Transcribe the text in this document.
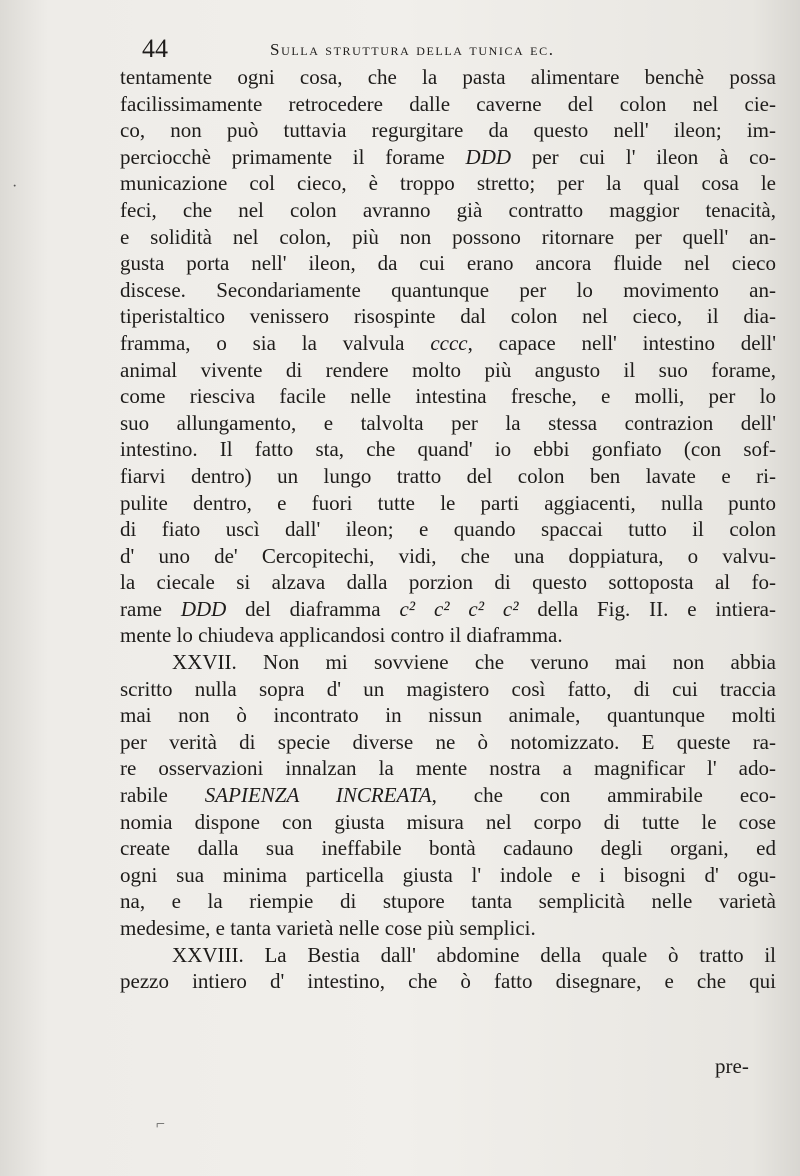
44	sulla struttura della tunica ec.
tentamente ogni cosa, che la pasta alimentare benchè possa
facilissimamente retrocedere dalle caverne del colon nel cie-
co, non può tuttavia regurgitare da questo nell' ileon; im-
perciocchè primamente il forame DDD per cui l' ileon à co-
municazione col cieco, è troppo stretto; per la qual cosa le
feci, che nel colon avranno già contratto maggior tenacità,
e solidità nel colon, più non possono ritornare per quell' an-
gusta porta nell' ileon, da cui erano ancora fluide nel cieco
discese. Secondariamente quantunque per lo movimento an-
tiperistaltico venissero risospinte dal colon nel cieco, il dia-
framma, o sia la valvula cccc, capace nell' intestino dell'
animal vivente di rendere molto più angusto il suo forame,
come riesciva facile nelle intestina fresche, e molli, per lo
suo allungamento, e talvolta per la stessa contrazion dell'
intestino. Il fatto sta, che quand' io ebbi gonfiato (con sof-
fiarvi dentro) un lungo tratto del colon ben lavate e ri-
pulite dentro, e fuori tutte le parti aggiacenti, nulla punto
di fiato uscì dall' ileon; e quando spaccai tutto il colon
d' uno de' Cercopitechi, vidi, che una doppiatura, o valvu-
la ciecale si alzava dalla porzion di questo sottoposta al fo-
rame DDD del diaframma c² c² c² c² della Fig. II. e intiera-
mente lo chiudeva applicandosi contro il diaframma.
XXVII. Non mi sovviene che veruno mai non abbia
scritto nulla sopra d' un magistero così fatto, di cui traccia
mai non ò incontrato in nissun animale, quantunque molti
per verità di specie diverse ne ò notomizzato. E queste ra-
re osservazioni innalzan la mente nostra a magnificar l' ado-
rabile SAPIENZA INCREATA, che con ammirabile eco-
nomia dispone con giusta misura nel corpo di tutte le cose
create dalla sua ineffabile bontà cadauno degli organi, ed
ogni sua minima particella giusta l' indole e i bisogni d' ogu-
na, e la riempie di stupore tanta semplicità nelle varietà
medesime, e tanta varietà nelle cose più semplici.
XXVIII. La Bestia dall' abdomine della quale ò tratto il
pezzo intiero d' intestino, che ò fatto disegnare, e che qui
pre-
·
⌐
